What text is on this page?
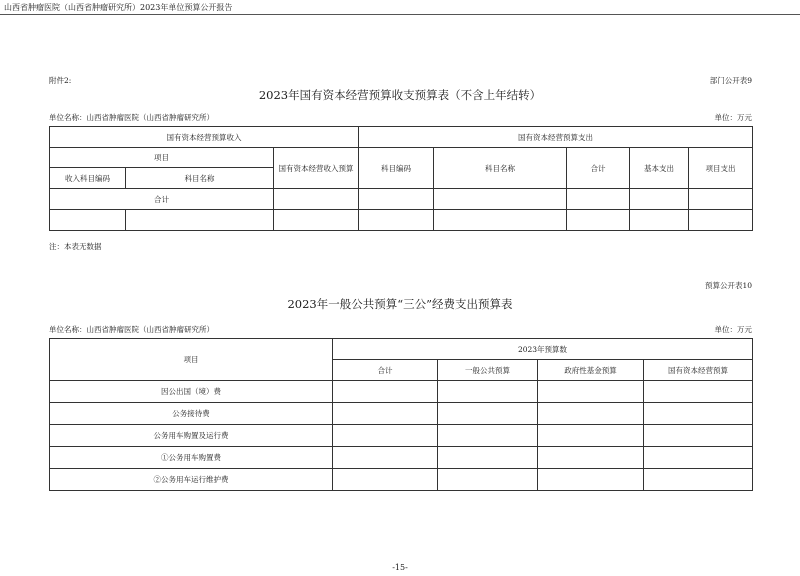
山西省肿瘤医院（山西省肿瘤研究所）2023年单位预算公开报告
附件2:	部门公开表9
2023年国有资本经营预算收支预算表（不含上年结转）
单位名称：山西省肿瘤医院（山西省肿瘤研究所）	单位：万元
国有资本经营预算收入			国有资本经营预算支出				
项目		国有资本经营收入预算	科目编码	科目名称	合计	基本支出	项目支出
收入科目编码	科目名称						
合计							

注：本表无数据
预算公开表10
2023年一般公共预算“三公”经费支出预算表
单位名称：山西省肿瘤医院（山西省肿瘤研究所）	单位：万元
项目	2023年预算数			
	合计	一般公共预算	政府性基金预算	国有资本经营预算
因公出国（境）费				
公务接待费				
公务用车购置及运行费				
①公务用车购置费				
②公务用车运行维护费				
-15-
